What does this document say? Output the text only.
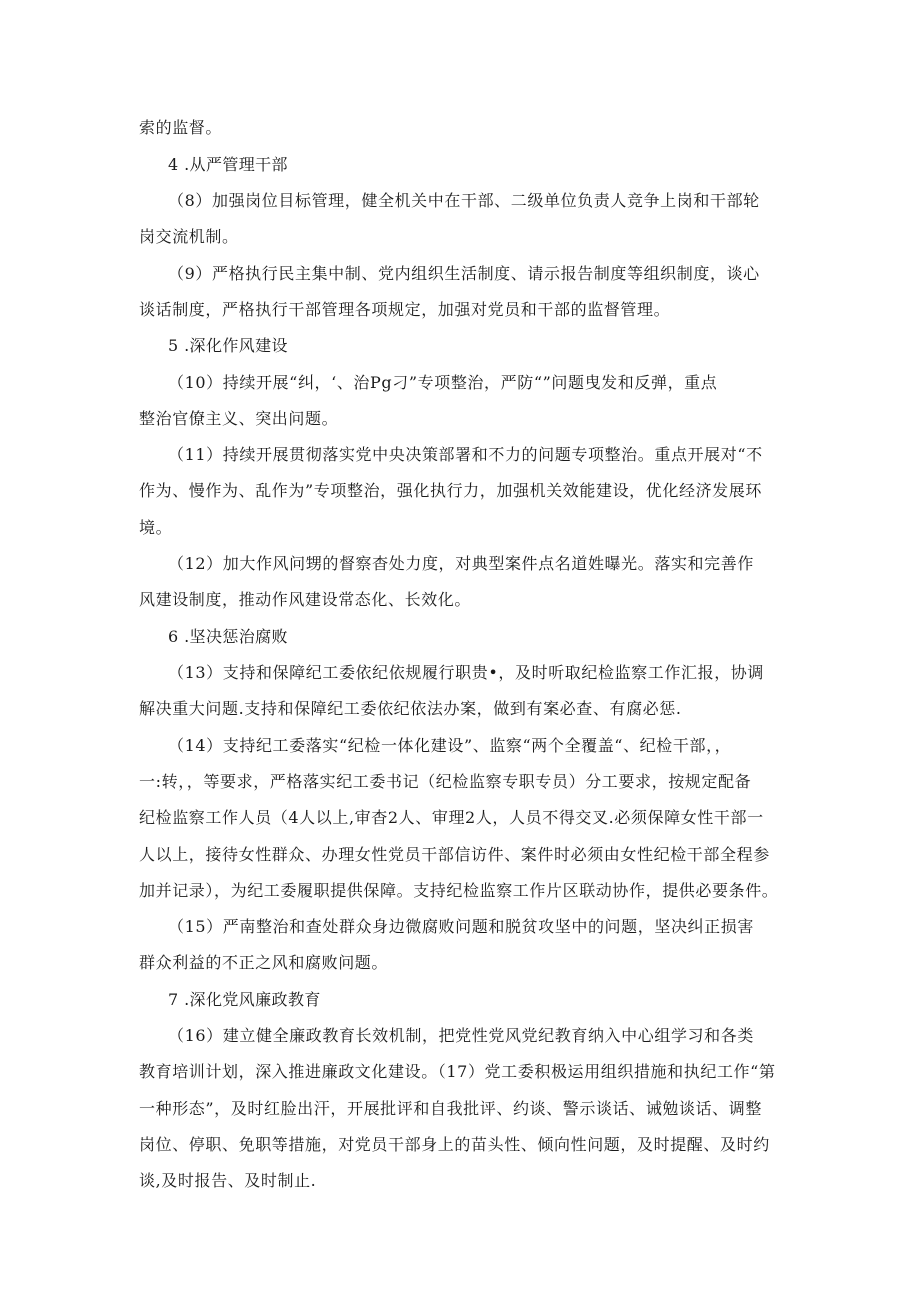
索的监督。
4 .从严管理干部
（8）加强岗位目标管理，健全机关中在干部、二级单位负责人竞争上岗和干部轮
岗交流机制。
（9）严格执行民主集中制、党内组织生活制度、请示报告制度等组织制度，谈心
谈话制度，严格执行干部管理各项规定，加强对党员和干部的监督管理。
5 .深化作风建设
（10）持续开展“纠，‘、治Pg刁”专项整治，严防“”问题曳发和反弹，重点
整治官僚主义、突出问题。
（11）持续开展贯彻落实党中央决策部署和不力的问题专项整治。重点开展对“不
作为、慢作为、乱作为”专项整治，强化执行力，加强机关效能建设，优化经济发展环
境。
（12）加大作风问甥的督察杳处力度，对典型案件点名道姓曝光。落实和完善作
风建设制度，推动作风建设常态化、长效化。
6 .坚决惩治腐败
（13）支持和保障纪工委依纪依规履行职贵•，及时听取纪检监察工作汇报，协调
解决重大问题.支持和保障纪工委依纪依法办案，做到有案必查、有腐必惩.
（14）支持纪工委落实“纪检一体化建设”、监察“两个全覆盖“、纪检干部，，
一:转，，等要求，严格落实纪工委书记（纪检监察专职专员）分工要求，按规定配备
纪检监察工作人员（4人以上,审杳2人、审理2人，人员不得交叉.必须保障女性干部一
人以上，接待女性群众、办理女性党员干部信访件、案件时必须由女性纪检干部全程参
加并记录），为纪工委履职提供保障。支持纪检监察工作片区联动协作，提供必要条件。
（15）严南整治和查处群众身边微腐败问题和脱贫攻坚中的问题，坚决纠正损害
群众利益的不正之风和腐败问题。
7 .深化党风廉政教育
（16）建立健全廉政教育长效机制，把党性党风党纪教育纳入中心组学习和各类
教育培训计划，深入推进廉政文化建设。（17）党工委积极运用组织措施和执纪工作“第
一种形态”，及时红脸出汗，开展批评和自我批评、约谈、警示谈话、诫勉谈话、调整
岗位、停职、免职等措施，对党员干部身上的苗头性、倾向性问题，及时提醒、及时约
谈,及时报告、及时制止.
